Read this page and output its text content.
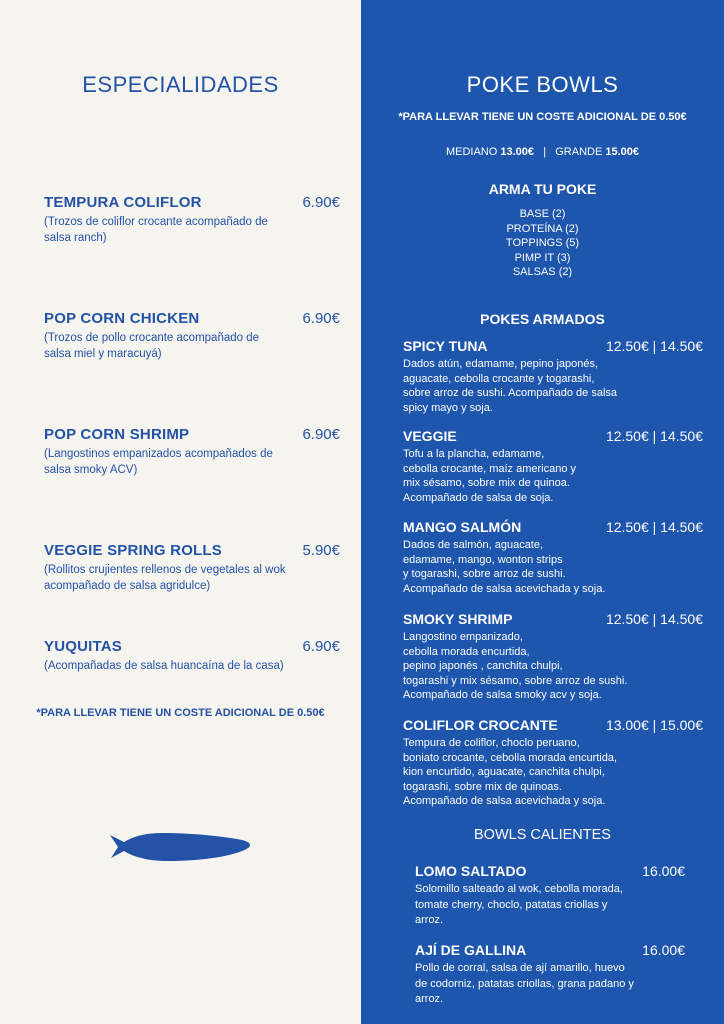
ESPECIALIDADES
TEMPURA COLIFLOR	6.90€
(Trozos de coliflor crocante acompañado de salsa ranch)
POP CORN CHICKEN	6.90€
(Trozos de pollo crocante acompañado de salsa miel y maracuyá)
POP CORN SHRIMP	6.90€
(Langostinos empanizados acompañados de salsa smoky ACV)
VEGGIE SPRING ROLLS	5.90€
(Rollitos crujientes rellenos de vegetales al wok acompañado de salsa agridulce)
YUQUITAS	6.90€
(Acompañadas de salsa huancaína de la casa)
*PARA LLEVAR TIENE UN COSTE ADICIONAL DE 0.50€
POKE BOWLS
*PARA LLEVAR TIENE UN COSTE ADICIONAL DE 0.50€
MEDIANO 13.00€ | GRANDE 15.00€
ARMA TU POKE
BASE (2)
PROTEÍNA (2)
TOPPINGS (5)
PIMP IT (3)
SALSAS (2)
POKES ARMADOS
SPICY TUNA	12.50€ | 14.50€
Dados atún, edamame, pepino japonés,
aguacate, cebolla crocante y togarashi,
sobre arroz de sushi. Acompañado de salsa
spicy mayo y soja.
VEGGIE	12.50€ | 14.50€
Tofu a la plancha, edamame,
cebolla crocante, maíz americano y
mix sésamo, sobre mix de quinoa.
Acompañado de salsa de soja.
MANGO SALMÓN	12.50€ | 14.50€
Dados de salmón, aguacate,
edamame, mango, wonton strips
y togarashi, sobre arroz de sushi.
Acompañado de salsa acevichada y soja.
SMOKY SHRIMP	12.50€ | 14.50€
Langostino empanizado,
cebolla morada encurtida,
pepino japonés , canchita chulpi,
togarashi y mix sésamo, sobre arroz de sushi.
Acompañado de salsa smoky acv y soja.
COLIFLOR CROCANTE	13.00€ | 15.00€
Tempura de coliflor, choclo peruano,
boniato crocante, cebolla morada encurtida,
kion encurtido, aguacate, canchita chulpi,
togarashi, sobre mix de quinoas.
Acompañado de salsa acevichada y soja.
BOWLS CALIENTES
LOMO SALTADO	16.00€
Solomillo salteado al wok, cebolla morada,
tomate cherry, choclo, patatas criollas y
arroz.
AJÍ DE GALLINA	16.00€
Pollo de corral, salsa de ají amarillo, huevo
de codorniz, patatas criollas, grana padano y
arroz.
